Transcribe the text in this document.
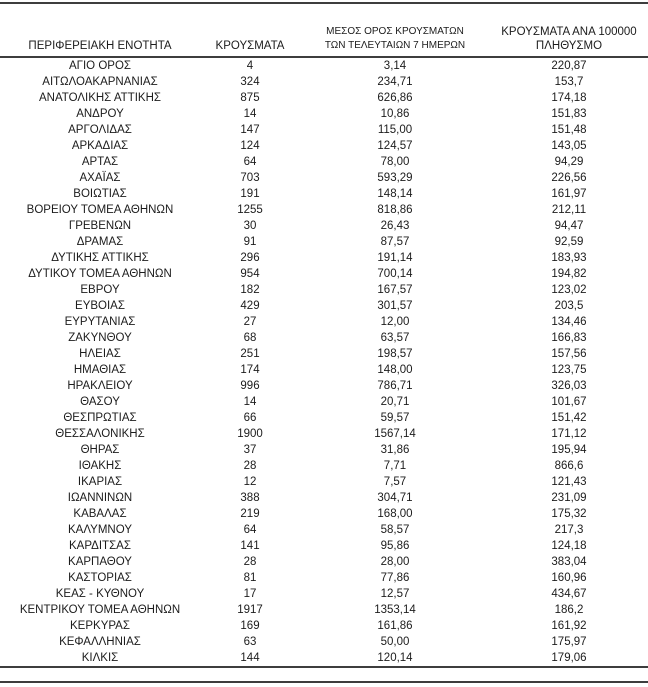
ΠΕΡΙΦΕΡΕΙΑΚΗ ΕΝΟΤΗΤΑ	ΚΡΟΥΣΜΑΤΑ	ΜΕΣΟΣ ΟΡΟΣ ΚΡΟΥΣΜΑΤΩΝ
ΤΩΝ ΤΕΛΕΥΤΑΙΩΝ 7 ΗΜΕΡΩΝ	ΚΡΟΥΣΜΑΤΑ ΑΝΑ 100000
ΠΛΗΘΥΣΜΟ
ΑΓΙΟ ΟΡΟΣ	4	3,14	220,87
ΑΙΤΩΛΟΑΚΑΡΝΑΝΙΑΣ	324	234,71	153,7
ΑΝΑΤΟΛΙΚΗΣ ΑΤΤΙΚΗΣ	875	626,86	174,18
ΑΝΔΡΟΥ	14	10,86	151,83
ΑΡΓΟΛΙΔΑΣ	147	115,00	151,48
ΑΡΚΑΔΙΑΣ	124	124,57	143,05
ΑΡΤΑΣ	64	78,00	94,29
ΑΧΑΪΑΣ	703	593,29	226,56
ΒΟΙΩΤΙΑΣ	191	148,14	161,97
ΒΟΡΕΙΟΥ ΤΟΜΕΑ ΑΘΗΝΩΝ	1255	818,86	212,11
ΓΡΕΒΕΝΩΝ	30	26,43	94,47
ΔΡΑΜΑΣ	91	87,57	92,59
ΔΥΤΙΚΗΣ ΑΤΤΙΚΗΣ	296	191,14	183,93
ΔΥΤΙΚΟΥ ΤΟΜΕΑ ΑΘΗΝΩΝ	954	700,14	194,82
ΕΒΡΟΥ	182	167,57	123,02
ΕΥΒΟΙΑΣ	429	301,57	203,5
ΕΥΡΥΤΑΝΙΑΣ	27	12,00	134,46
ΖΑΚΥΝΘΟΥ	68	63,57	166,83
ΗΛΕΙΑΣ	251	198,57	157,56
ΗΜΑΘΙΑΣ	174	148,00	123,75
ΗΡΑΚΛΕΙΟΥ	996	786,71	326,03
ΘΑΣΟΥ	14	20,71	101,67
ΘΕΣΠΡΩΤΙΑΣ	66	59,57	151,42
ΘΕΣΣΑΛΟΝΙΚΗΣ	1900	1567,14	171,12
ΘΗΡΑΣ	37	31,86	195,94
ΙΘΑΚΗΣ	28	7,71	866,6
ΙΚΑΡΙΑΣ	12	7,57	121,43
ΙΩΑΝΝΙΝΩΝ	388	304,71	231,09
ΚΑΒΑΛΑΣ	219	168,00	175,32
ΚΑΛΥΜΝΟΥ	64	58,57	217,3
ΚΑΡΔΙΤΣΑΣ	141	95,86	124,18
ΚΑΡΠΑΘΟΥ	28	28,00	383,04
ΚΑΣΤΟΡΙΑΣ	81	77,86	160,96
ΚΕΑΣ - ΚΥΘΝΟΥ	17	12,57	434,67
ΚΕΝΤΡΙΚΟΥ ΤΟΜΕΑ ΑΘΗΝΩΝ	1917	1353,14	186,2
ΚΕΡΚΥΡΑΣ	169	161,86	161,92
ΚΕΦΑΛΛΗΝΙΑΣ	63	50,00	175,97
ΚΙΛΚΙΣ	144	120,14	179,06
